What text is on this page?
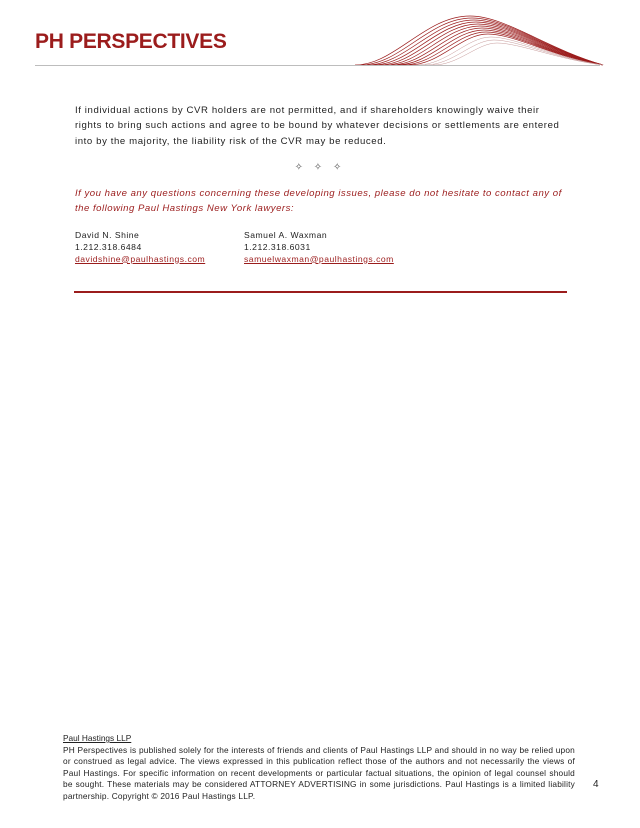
PH PERSPECTIVES

If individual actions by CVR holders are not permitted, and if shareholders knowingly waive their rights to bring such actions and agree to be bound by whatever decisions or settlements are entered into by the majority, the liability risk of the CVR may be reduced.

✧ ✧ ✧

If you have any questions concerning these developing issues, please do not hesitate to contact any of the following Paul Hastings New York lawyers:

David N. Shine
1.212.318.6484
davidshine@paulhastings.com
Samuel A. Waxman
1.212.318.6031
samuelwaxman@paulhastings.com
Paul Hastings LLP

PH Perspectives is published solely for the interests of friends and clients of Paul Hastings LLP and should in no way be relied upon or construed as legal advice. The views expressed in this publication reflect those of the authors and not necessarily the views of Paul Hastings. For specific information on recent developments or particular factual situations, the opinion of legal counsel should be sought. These materials may be considered ATTORNEY ADVERTISING in some jurisdictions. Paul Hastings is a limited liability partnership. Copyright © 2016 Paul Hastings LLP.

4
